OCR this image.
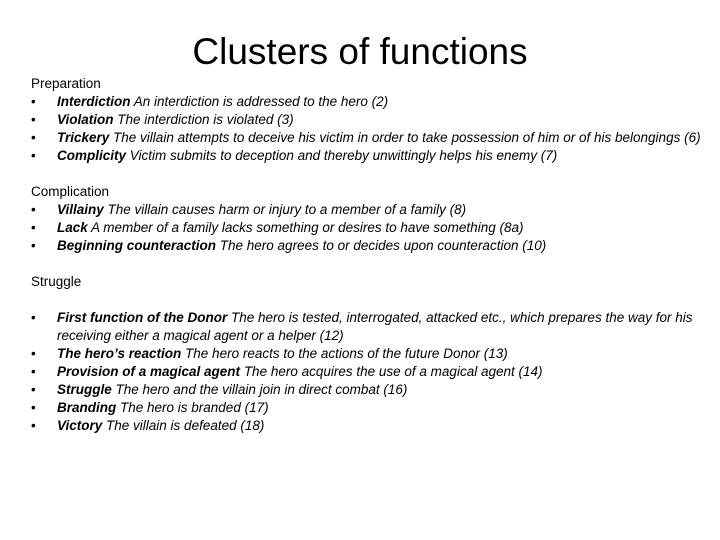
Clusters of functions
Preparation
• Interdiction An interdiction is addressed to the hero (2)
• Violation The interdiction is violated (3)
• Trickery The villain attempts to deceive his victim in order to take possession of him or of his belongings (6)
• Complicity Victim submits to deception and thereby unwittingly helps his enemy (7)
Complication
• Villainy The villain causes harm or injury to a member of a family (8)
• Lack A member of a family lacks something or desires to have something (8a)
• Beginning counteraction The hero agrees to or decides upon counteraction (10)
Struggle
• First function of the Donor The hero is tested, interrogated, attacked etc., which prepares the way for his receiving either a magical agent or a helper (12)
• The hero’s reaction The hero reacts to the actions of the future Donor (13)
• Provision of a magical agent The hero acquires the use of a magical agent (14)
• Struggle The hero and the villain join in direct combat (16)
• Branding The hero is branded (17)
• Victory The villain is defeated (18)
